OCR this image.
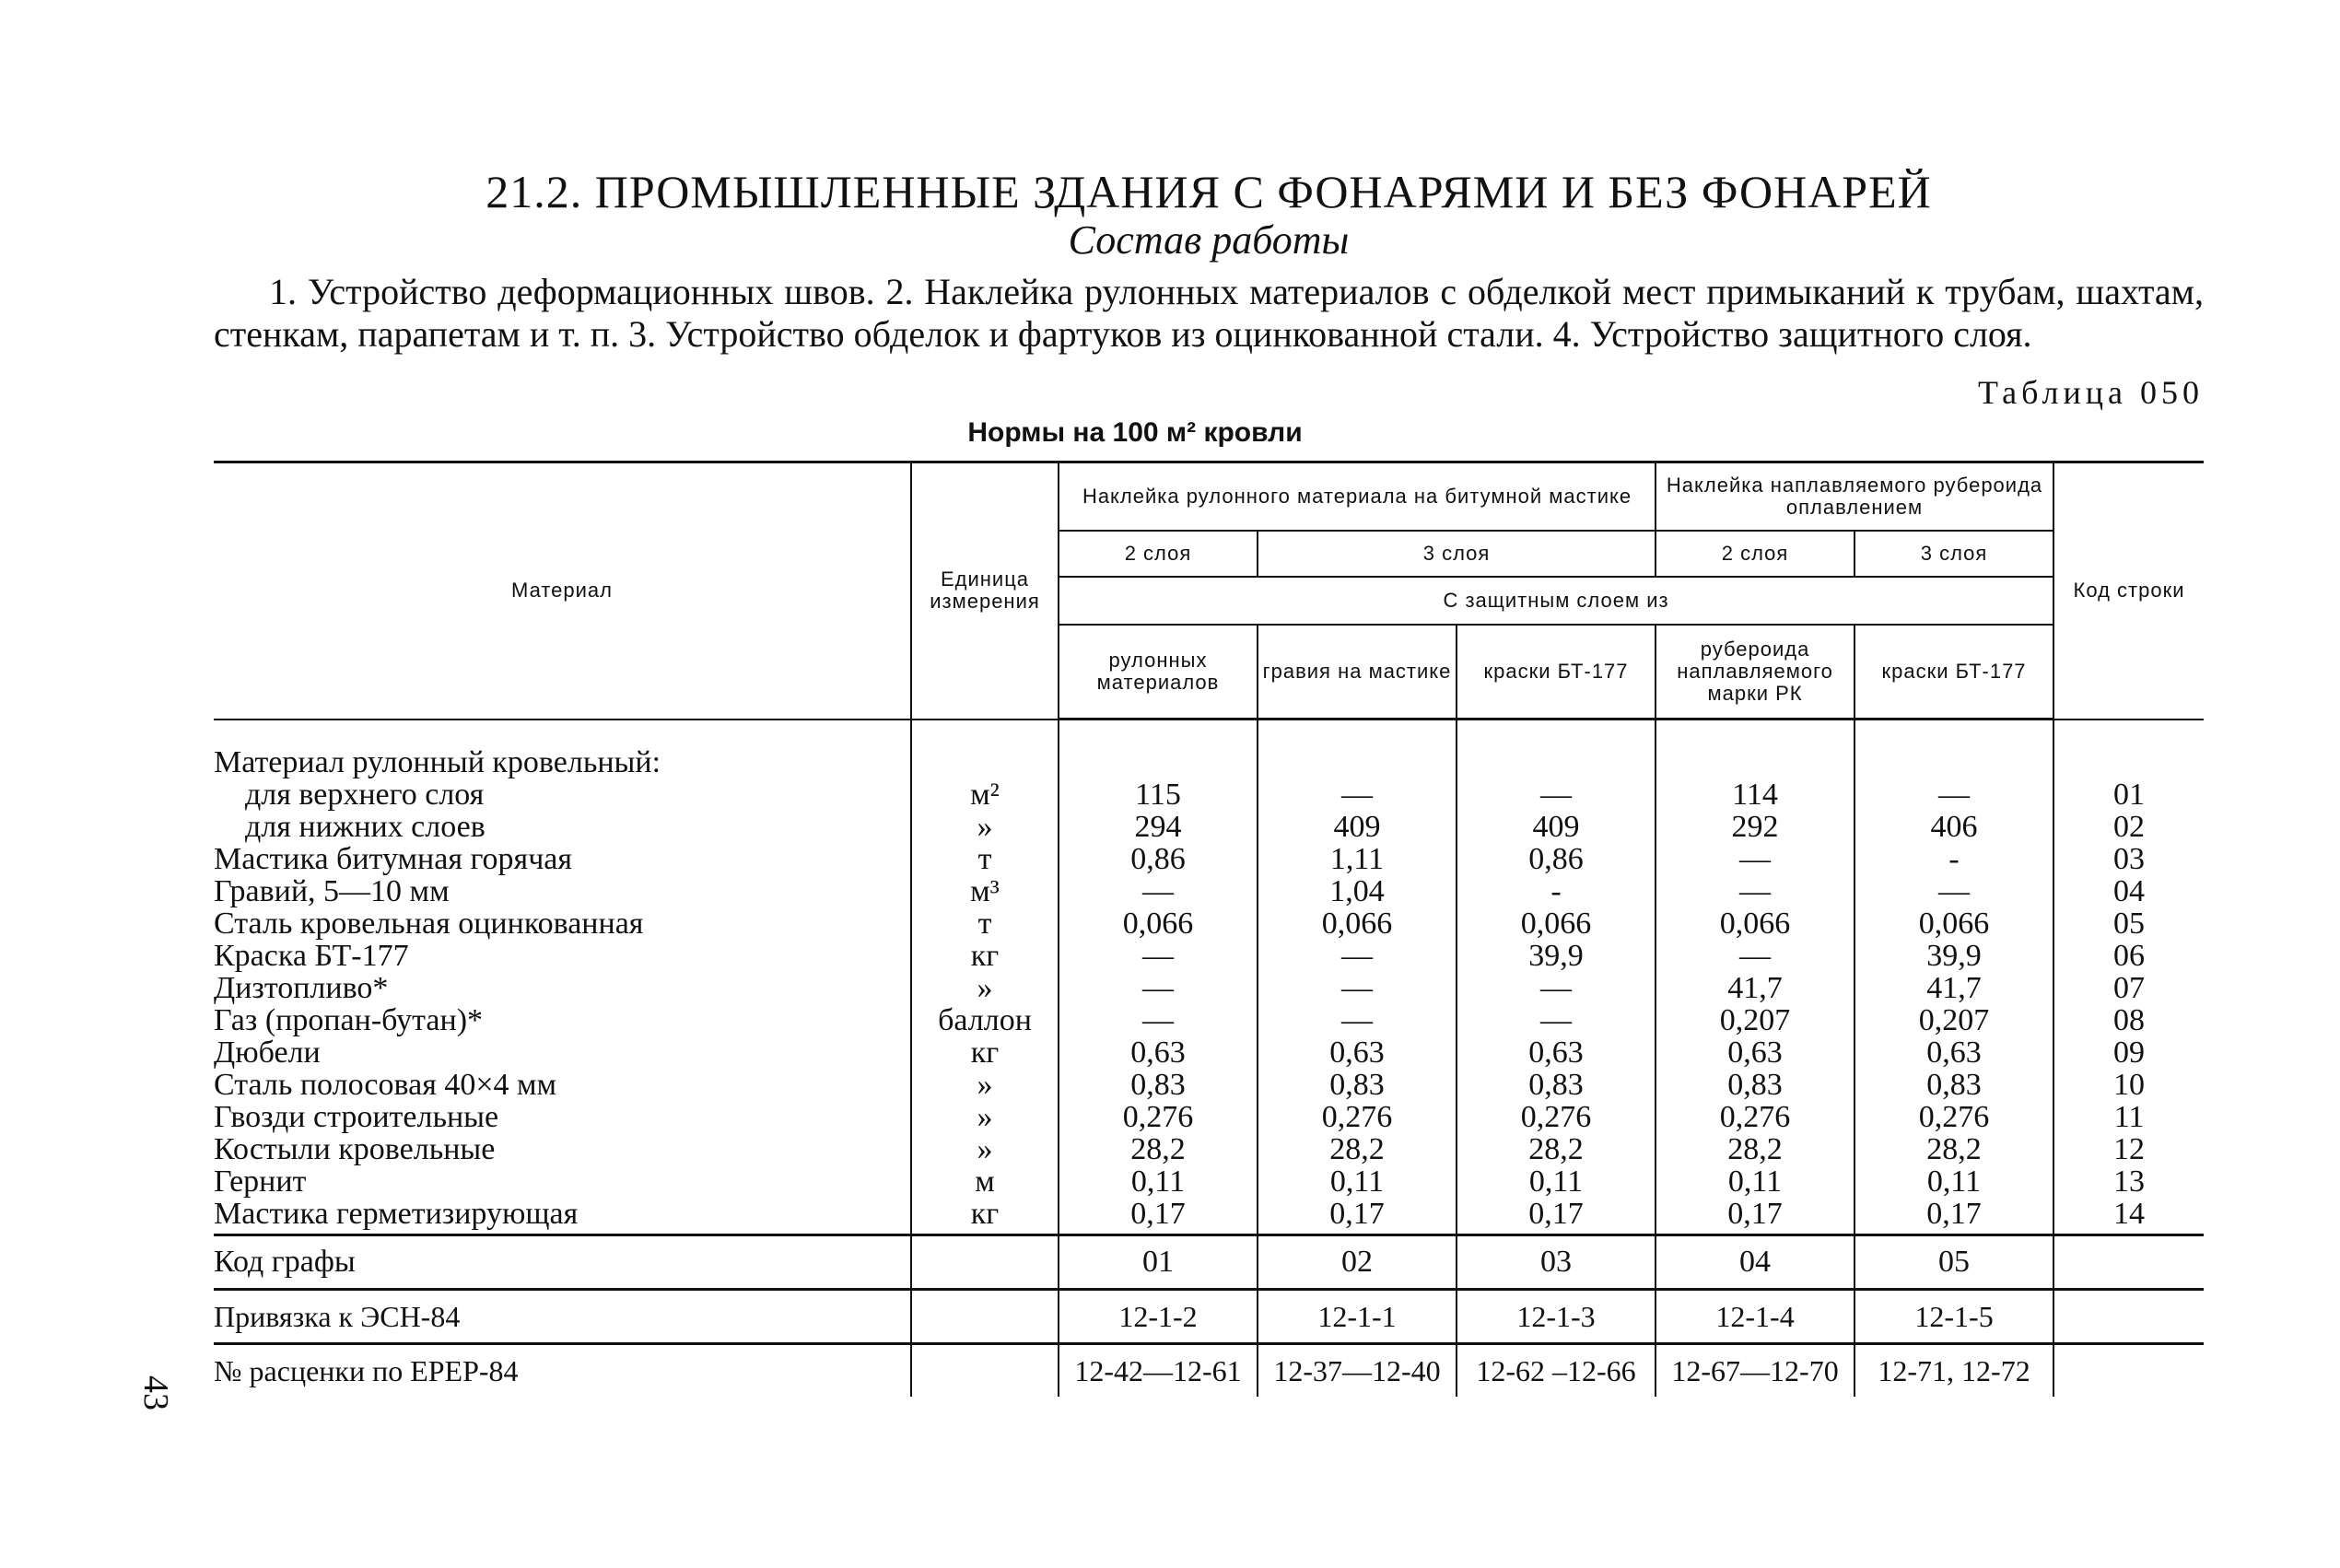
21.2. ПРОМЫШЛЕННЫЕ ЗДАНИЯ С ФОНАРЯМИ И БЕЗ ФОНАРЕЙ

Состав работы

1. Устройство деформационных швов. 2. Наклейка рулонных материалов с обделкой мест примыканий к трубам, шахтам, стенкам, парапетам и т. п. 3. Устройство обделок и фартуков из оцинкованной стали. 4. Устройство защитного слоя.

Таблица 050
Нормы на 100 м² кровли
Материал	Единица измерения	Наклейка рулонного материала на битумной мастике			Наклейка наплавляемого рубероида оплавлением		Код строки
		2 слоя	3 слоя		2 слоя	3 слоя	
		С защитным слоем из					
		рулонных материалов	гравия на мастике	краски БТ-177	рубероида наплавляемого марки РК	краски БТ-177	
Материал рулонный кровельный:							
для верхнего слоя	м²	115	—	—	114	—	01
для нижних слоев	»	294	409	409	292	406	02
Мастика битумная горячая	т	0,86	1,11	0,86	—	-	03
Гравий, 5—10 мм	м³	—	1,04	-	—	—	04
Сталь кровельная оцинкованная	т	0,066	0,066	0,066	0,066	0,066	05
Краска БТ-177	кг	—	—	39,9	—	39,9	06
Дизтопливо*	»	—	—	—	41,7	41,7	07
Газ (пропан-бутан)*	баллон	—	—	—	0,207	0,207	08
Дюбели	кг	0,63	0,63	0,63	0,63	0,63	09
Сталь полосовая 40×4 мм	»	0,83	0,83	0,83	0,83	0,83	10
Гвозди строительные	»	0,276	0,276	0,276	0,276	0,276	11
Костыли кровельные	»	28,2	28,2	28,2	28,2	28,2	12
Гернит	м	0,11	0,11	0,11	0,11	0,11	13
Мастика герметизирующая	кг	0,17	0,17	0,17	0,17	0,17	14
Код графы		01	02	03	04	05	
Привязка к ЭСН-84		12-1-2	12-1-1	12-1-3	12-1-4	12-1-5	
№ расценки по ЕРЕР-84		12-42—12-61	12-37—12-40	12-62 –12-66	12-67—12-70	12-71, 12-72	
43
